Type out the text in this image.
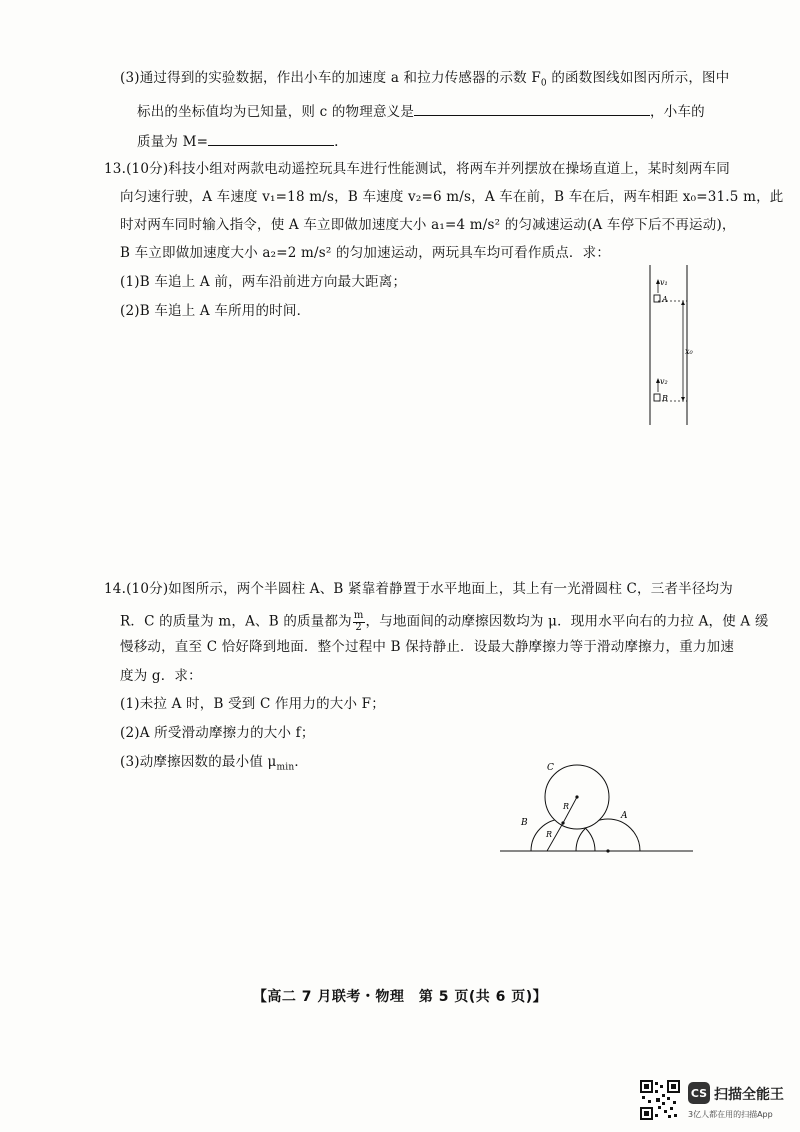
(3)通过得到的实验数据，作出小车的加速度 a 和拉力传感器的示数 $F_0$ 的函数图线如图丙所示，图中
标出的坐标值均为已知量，则 c 的物理意义是	，小车的
质量为 M=	.
13.(10分)科技小组对两款电动遥控玩具车进行性能测试，将两车并列摆放在操场直道上，某时刻两车同
向匀速行驶，A 车速度 v₁=18 m/s，B 车速度 v₂=6 m/s，A 车在前，B 车在后，两车相距 x₀=31.5 m，此
时对两车同时输入指令，使 A 车立即做加速度大小 a₁=4 m/s² 的匀减速运动(A 车停下后不再运动)，
B 车立即做加速度大小 a₂=2 m/s² 的匀加速运动，两玩具车均可看作质点．求：
(1)B 车追上 A 前，两车沿前进方向最大距离；
(2)B 车追上 A 车所用的时间．
v₁
A
x₀
v₂
B
14.(10分)如图所示，两个半圆柱 A、B 紧靠着静置于水平地面上，其上有一光滑圆柱 C，三者半径均为
R．C 的质量为 m，A、B 的质量都为 $\frac{m}{2}$ ，与地面间的动摩擦因数均为 μ．现用水平向右的力拉 A，使 A 缓
慢移动，直至 C 恰好降到地面．整个过程中 B 保持静止．设最大静摩擦力等于滑动摩擦力，重力加速
度为 g．求：
(1)未拉 A 时，B 受到 C 作用力的大小 F；
(2)A 所受滑动摩擦力的大小 f；
(3)动摩擦因数的最小值 $\mu_{min}$．	C
B
A
R
R
【高二 7 月联考・物理　第 5 页(共 6 页)】
CS 扫描全能王
3亿人都在用的扫描App
